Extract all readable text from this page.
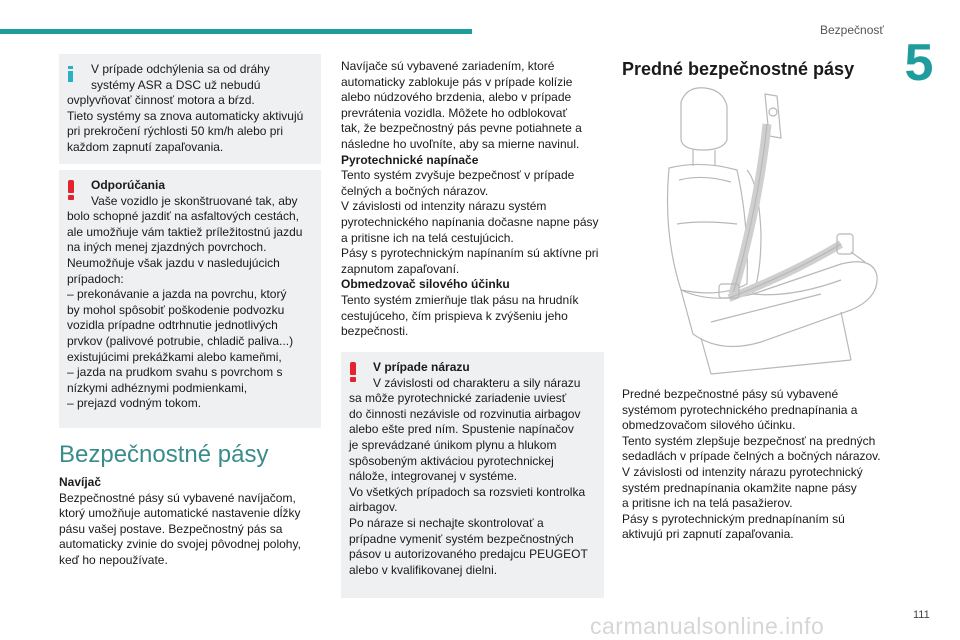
Bezpečnosť
5

V prípade odchýlenia sa od dráhy

systémy ASR a DSC už nebudú

ovplyvňovať činnosť motora a bŕzd.

Tieto systémy sa znova automaticky aktivujú

pri prekročení rýchlosti 50 km/h alebo pri

každom zapnutí zapaľovania.

Odporúčania

Vaše vozidlo je skonštruované tak, aby

bolo schopné jazdiť na asfaltových cestách,

ale umožňuje vám taktiež príležitostnú jazdu

na iných menej zjazdných povrchoch.

Neumožňuje však jazdu v nasledujúcich

prípadoch:

– prekonávanie a jazda na povrchu, ktorý

by mohol spôsobiť poškodenie podvozku

vozidla prípadne odtrhnutie jednotlivých

prvkov (palivové potrubie, chladič paliva...)

existujúcimi prekážkami alebo kameňmi,

– jazda na prudkom svahu s povrchom s

nízkymi adhéznymi podmienkami,

– prejazd vodným tokom.

Bezpečnostné pásy

Navíjač

Bezpečnostné pásy sú vybavené navíjačom,

ktorý umožňuje automatické nastavenie dĺžky

pásu vašej postave. Bezpečnostný pás sa

automaticky zvinie do svojej pôvodnej polohy,

keď ho nepoužívate.

Navíjače sú vybavené zariadením, ktoré

automaticky zablokuje pás v prípade kolízie

alebo núdzového brzdenia, alebo v prípade

prevrátenia vozidla. Môžete ho odblokovať

tak, že bezpečnostný pás pevne potiahnete a

následne ho uvoľníte, aby sa mierne navinul.

Pyrotechnické napínače

Tento systém zvyšuje bezpečnosť v prípade

čelných a bočných nárazov.

V závislosti od intenzity nárazu systém

pyrotechnického napínania dočasne napne pásy

a pritisne ich na telá cestujúcich.

Pásy s pyrotechnickým napínaním sú aktívne pri

zapnutom zapaľovaní.

Obmedzovač silového účinku

Tento systém zmierňuje tlak pásu na hrudník

cestujúceho, čím prispieva k zvýšeniu jeho

bezpečnosti.

V prípade nárazu

V závislosti od charakteru a sily nárazu

sa môže pyrotechnické zariadenie uviesť

do činnosti nezávisle od rozvinutia airbagov

alebo ešte pred ním. Spustenie napínačov

je sprevádzané únikom plynu a hlukom

spôsobeným aktiváciou pyrotechnickej

nálože, integrovanej v systéme.

Vo všetkých prípadoch sa rozsvieti kontrolka

airbagov.

Po náraze si nechajte skontrolovať a

prípadne vymeniť systém bezpečnostných

pásov u autorizovaného predajcu PEUGEOT

alebo v kvalifikovanej dielni.

Predné bezpečnostné pásy

Predné bezpečnostné pásy sú vybavené

systémom pyrotechnického prednapínania a

obmedzovačom silového účinku.

Tento systém zlepšuje bezpečnosť na predných

sedadlách v prípade čelných a bočných nárazov.

V závislosti od intenzity nárazu pyrotechnický

systém prednapínania okamžite napne pásy

a pritisne ich na telá pasažierov.

Pásy s pyrotechnickým prednapínaním sú

aktivujú pri zapnutí zapaľovania.

111
carmanualsonline.info
